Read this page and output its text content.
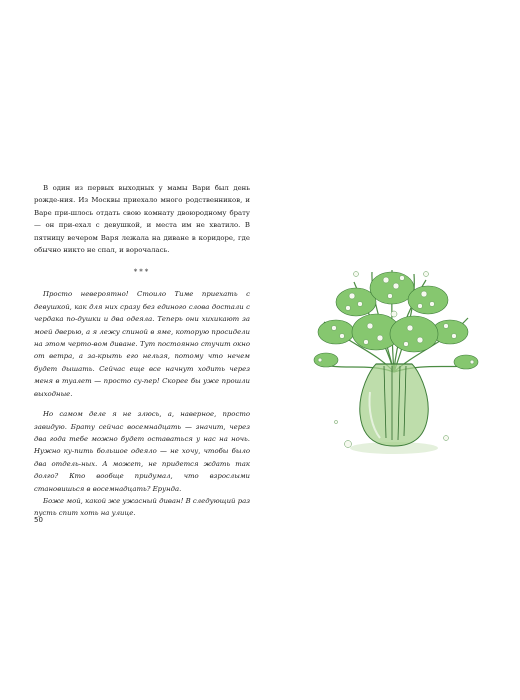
В один из первых выходных у мамы Вари был день рожде-ния. Из Москвы приехало много родственников, и Варе при-шлось отдать свою комнату двоюродному брату — он при-ехал с девушкой, и места им не хватило. В пятницу вечером Варя лежала на диване в коридоре, где обычно никто не спал, и ворочалась.

***

Просто невероятно! Стоило Тиме приехать с девушкой, как для них сразу без единого слова достали с чердака по-душки и два одеяла. Теперь они хихикают за моей дверью, а я лежу спиной в яме, которую просидели на этом черто-вом диване. Тут постоянно стучит окно от ветра, а за-крыть его нельзя, потому что нечем будет дышать. Сейчас еще все начнут ходить через меня в туалет — просто су-пер! Скорее бы уже прошли выходные.

Но самом деле я не злюсь, а, наверное, просто завидую. Брату сейчас восемнадцать — значит, через два года тебе можно будет оставаться у нас на ночь. Нужно ку-пить большое одеяло — не хочу, чтобы было два отдель-ных. А может, не придется ждать так долго? Кто вообще придумал, что взрослыми становишься в восемнадцать? Ерунда.

Боже мой, какой же ужасный диван! В следующий раз пусть спит хоть на улице.

50
